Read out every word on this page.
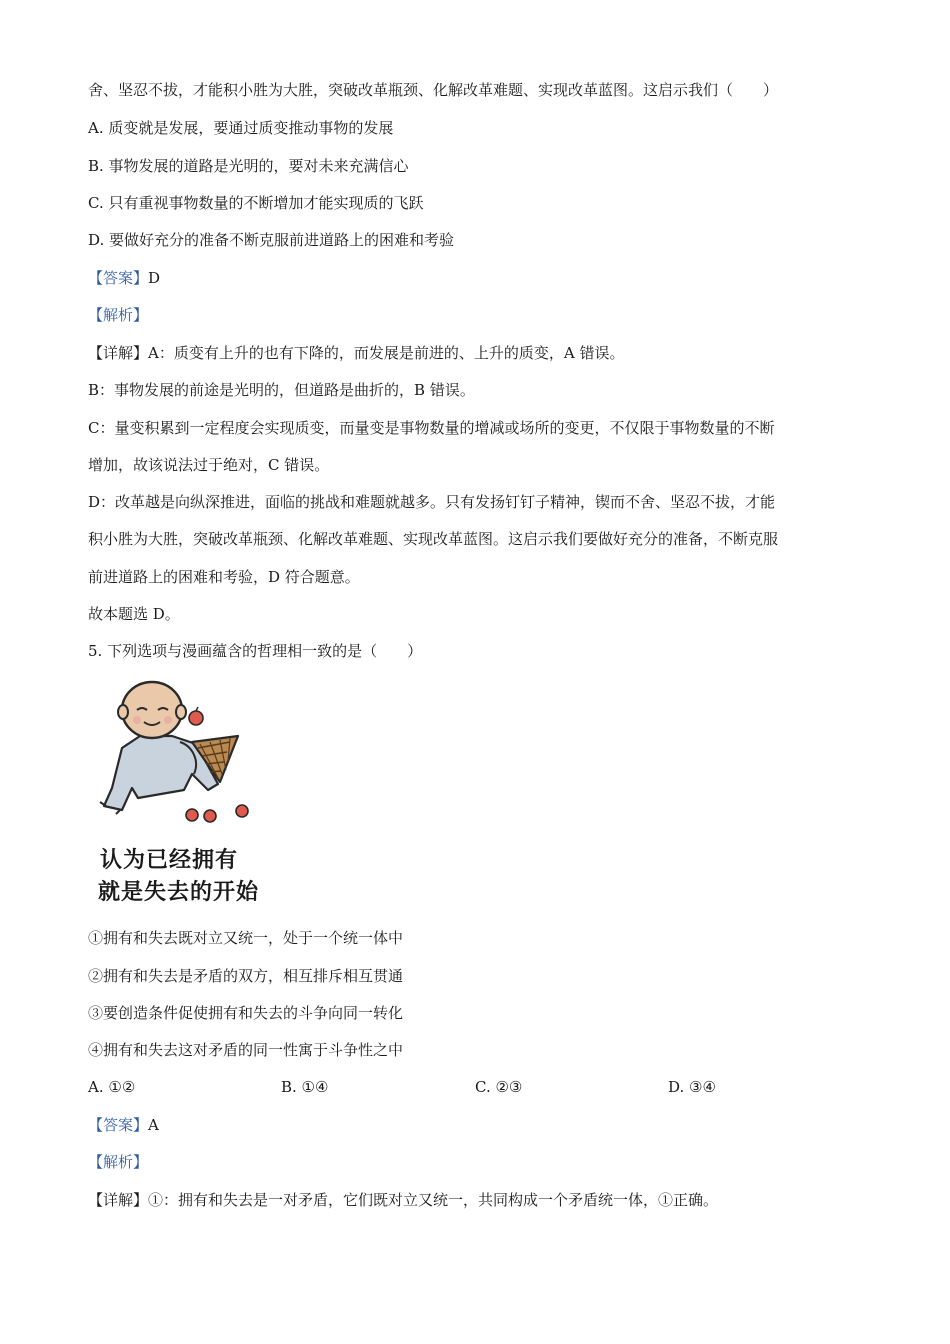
舍、坚忍不拔，才能积小胜为大胜，突破改革瓶颈、化解改革难题、实现改革蓝图。这启示我们（　　）
A. 质变就是发展，要通过质变推动事物的发展
B. 事物发展的道路是光明的，要对未来充满信心
C. 只有重视事物数量的不断增加才能实现质的飞跃
D. 要做好充分的准备不断克服前进道路上的困难和考验
【答案】D
【解析】
【详解】A：质变有上升的也有下降的，而发展是前进的、上升的质变，A 错误。
B：事物发展的前途是光明的，但道路是曲折的，B 错误。
C：量变积累到一定程度会实现质变，而量变是事物数量的增减或场所的变更，不仅限于事物数量的不断
增加，故该说法过于绝对，C 错误。
D：改革越是向纵深推进，面临的挑战和难题就越多。只有发扬钉钉子精神，锲而不舍、坚忍不拔，才能
积小胜为大胜，突破改革瓶颈、化解改革难题、实现改革蓝图。这启示我们要做好充分的准备，不断克服
前进道路上的困难和考验，D 符合题意。
故本题选 D。
5. 下列选项与漫画蕴含的哲理相一致的是（　　）
认为已经拥有
就是失去的开始
①拥有和失去既对立又统一，处于一个统一体中
②拥有和失去是矛盾的双方，相互排斥相互贯通
③要创造条件促使拥有和失去的斗争向同一转化
④拥有和失去这对矛盾的同一性寓于斗争性之中
A. ①②	B. ①④	C. ②③	D. ③④
【答案】A
【解析】
【详解】①：拥有和失去是一对矛盾，它们既对立又统一，共同构成一个矛盾统一体，①正确。
